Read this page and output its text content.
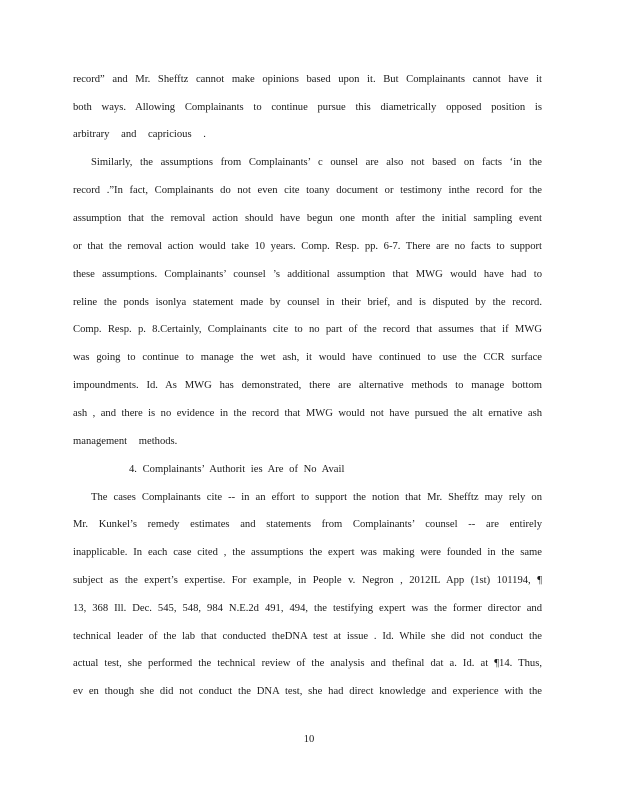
record” and Mr. Shefftz cannot make opinions based upon it. But Complainants cannot have it
both ways. Allowing Complainants to continue pursue this diametrically opposed position is
arbitrary and capricious .
Similarly, the assumptions from Complainants’ c ounsel are also not based on facts ‘in the
record .”In fact, Complainants do not even cite toany document or testimony inthe record for the
assumption that the removal action should have begun one month after the initial sampling event
or that the removal action would take 10 years. Comp. Resp. pp. 6-7. There are no facts to support
these assumptions. Complainants’ counsel ’s additional assumption that MWG would have had to
reline the ponds isonlya statement made by counsel in their brief, and is disputed by the record.
Comp. Resp. p. 8.Certainly, Complainants cite to no part of the record that assumes that if MWG
was going to continue to manage the wet ash, it would have continued to use the CCR surface
impoundments. Id. As MWG has demonstrated, there are alternative methods to manage bottom
ash , and there is no evidence in the record that MWG would not have pursued the alt ernative ash
management methods.
4. Complainants’ Authorit ies Are of No Avail
The cases Complainants cite -- in an effort to support the notion that Mr. Shefftz may rely on
Mr. Kunkel’s remedy estimates and statements from Complainants’ counsel -- are entirely
inapplicable. In each case cited , the assumptions the expert was making were founded in the same
subject as the expert’s expertise. For example, in People v. Negron , 2012IL App (1st) 101194, ¶
13, 368 Ill. Dec. 545, 548, 984 N.E.2d 491, 494, the testifying expert was the former director and
technical leader of the lab that conducted theDNA test at issue . Id. While she did not conduct the
actual test, she performed the technical review of the analysis and thefinal dat a. Id. at ¶14. Thus,
ev en though she did not conduct the DNA test, she had direct knowledge and experience with the
10
